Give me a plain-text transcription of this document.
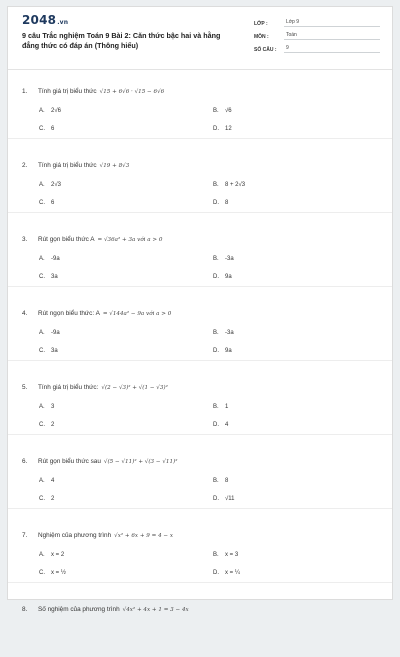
2048.vn
9 câu Trắc nghiệm Toán 9 Bài 2: Căn thức bậc hai và hằng đẳng thức có đáp án (Thông hiểu)
LỚP :	Lớp 9
MÔN :	Toán
SỐ CÂU :	9
1.	Tính giá trị biểu thức √15 + 6√6 · √15 − 6√6
A.	2√6	B.	√6
C.	6	D.	12
2.	Tính giá trị biểu thức √19 + 8√3
A.	2√3	B.	8 + 2√3
C.	6	D.	8
3.	Rút gọn biểu thức A = √36a² + 3a với a > 0
A.	-9a	B.	-3a
C.	3a	D.	9a
4.	Rút ngọn biểu thức: A = √144a² − 9a với a > 0
A.	-9a	B.	-3a
C.	3a	D.	9a
5.	Tính giá trị biểu thức: √(2 − √3)² + √(1 − √3)²
A.	3	B.	1
C.	2	D.	4
6.	Rút gọn biểu thức sau √(5 − √11)² + √(3 − √11)²
A.	4	B.	8
C.	2	D.	√11
7.	Nghiệm của phương trình √x² + 6x + 9 = 4 − x
A.	x = 2	B.	x = 3
C.	x = ½	D.	x = ¼
8.	Số nghiệm của phương trình √4x² + 4x + 1 = 3 − 4x
